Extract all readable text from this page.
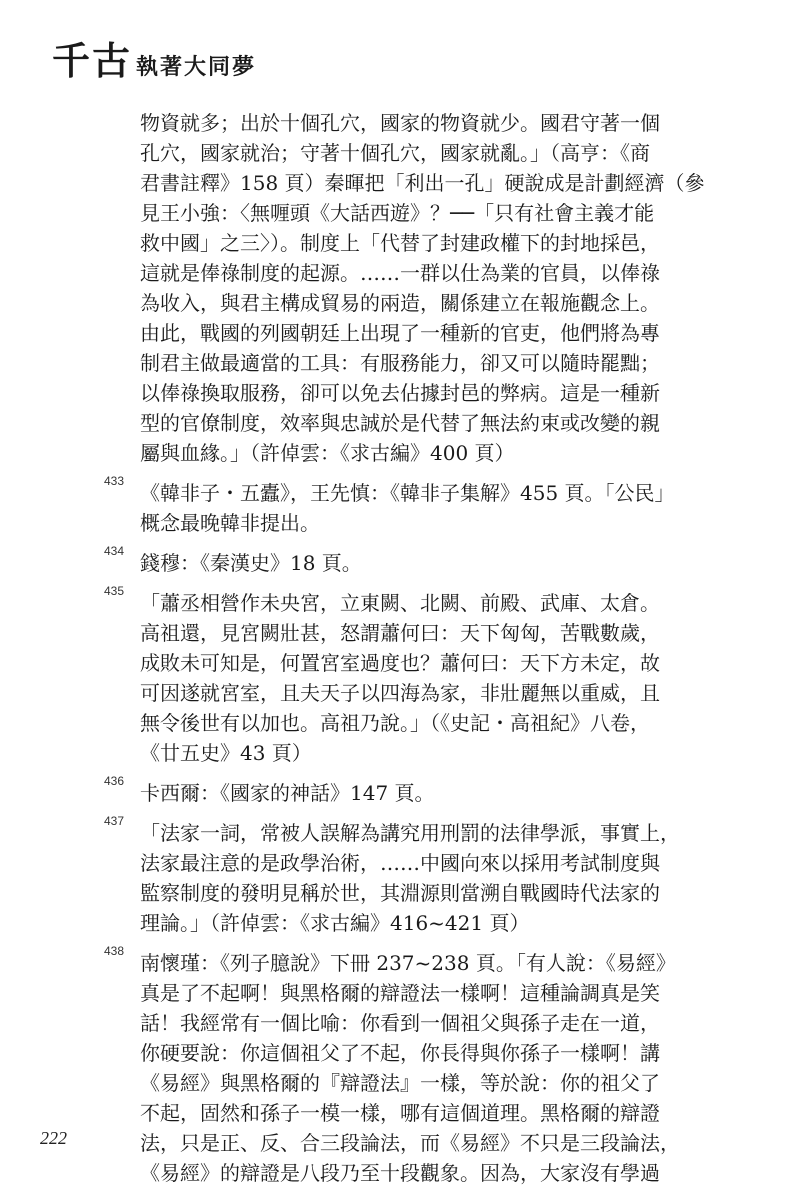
千古 執著大同夢
物資就多；出於十個孔穴，國家的物資就少。國君守著一個
孔穴，國家就治；守著十個孔穴，國家就亂。」（高亨：《商
君書註釋》158 頁）秦暉把「利出一孔」硬說成是計劃經濟（參
見王小強：〈無喱頭《大話西遊》？──「只有社會主義才能
救中國」之三〉）。制度上「代替了封建政權下的封地採邑，
這就是俸祿制度的起源。……一群以仕為業的官員，以俸祿
為收入，與君主構成貿易的兩造，關係建立在報施觀念上。
由此，戰國的列國朝廷上出現了一種新的官吏，他們將為專
制君主做最適當的工具：有服務能力，卻又可以隨時罷黜；
以俸祿換取服務，卻可以免去佔據封邑的弊病。這是一種新
型的官僚制度，效率與忠誠於是代替了無法約束或改變的親
屬與血緣。」（許倬雲：《求古編》400 頁）
433 《韓非子・五蠹》，王先慎：《韓非子集解》455 頁。「公民」
概念最晚韓非提出。
434 錢穆：《秦漢史》18 頁。
435 「蕭丞相營作未央宮，立東闕、北闕、前殿、武庫、太倉。
高祖還，見宮闕壯甚，怒謂蕭何曰：天下匈匈，苦戰數歲，
成敗未可知是，何置宮室過度也？蕭何曰：天下方未定，故
可因遂就宮室，且夫天子以四海為家，非壯麗無以重威，且
無令後世有以加也。高祖乃說。」（《史記・高祖紀》八卷，
《廿五史》43 頁）
436 卡西爾：《國家的神話》147 頁。
437 「法家一詞，常被人誤解為講究用刑罰的法律學派，事實上，
法家最注意的是政學治術，……中國向來以採用考試制度與
監察制度的發明見稱於世，其淵源則當溯自戰國時代法家的
理論。」（許倬雲：《求古編》416~421 頁）
438 南懷瑾：《列子臆說》下冊 237~238 頁。「有人說：《易經》
真是了不起啊！與黑格爾的辯證法一樣啊！這種論調真是笑
話！我經常有一個比喻：你看到一個祖父與孫子走在一道，
你硬要說：你這個祖父了不起，你長得與你孫子一樣啊！講
《易經》與黑格爾的『辯證法』一樣，等於說：你的祖父了
不起，固然和孫子一模一樣，哪有這個道理。黑格爾的辯證
法，只是正、反、合三段論法，而《易經》不只是三段論法，
《易經》的辯證是八段乃至十段觀象。因為，大家沒有學過
222
